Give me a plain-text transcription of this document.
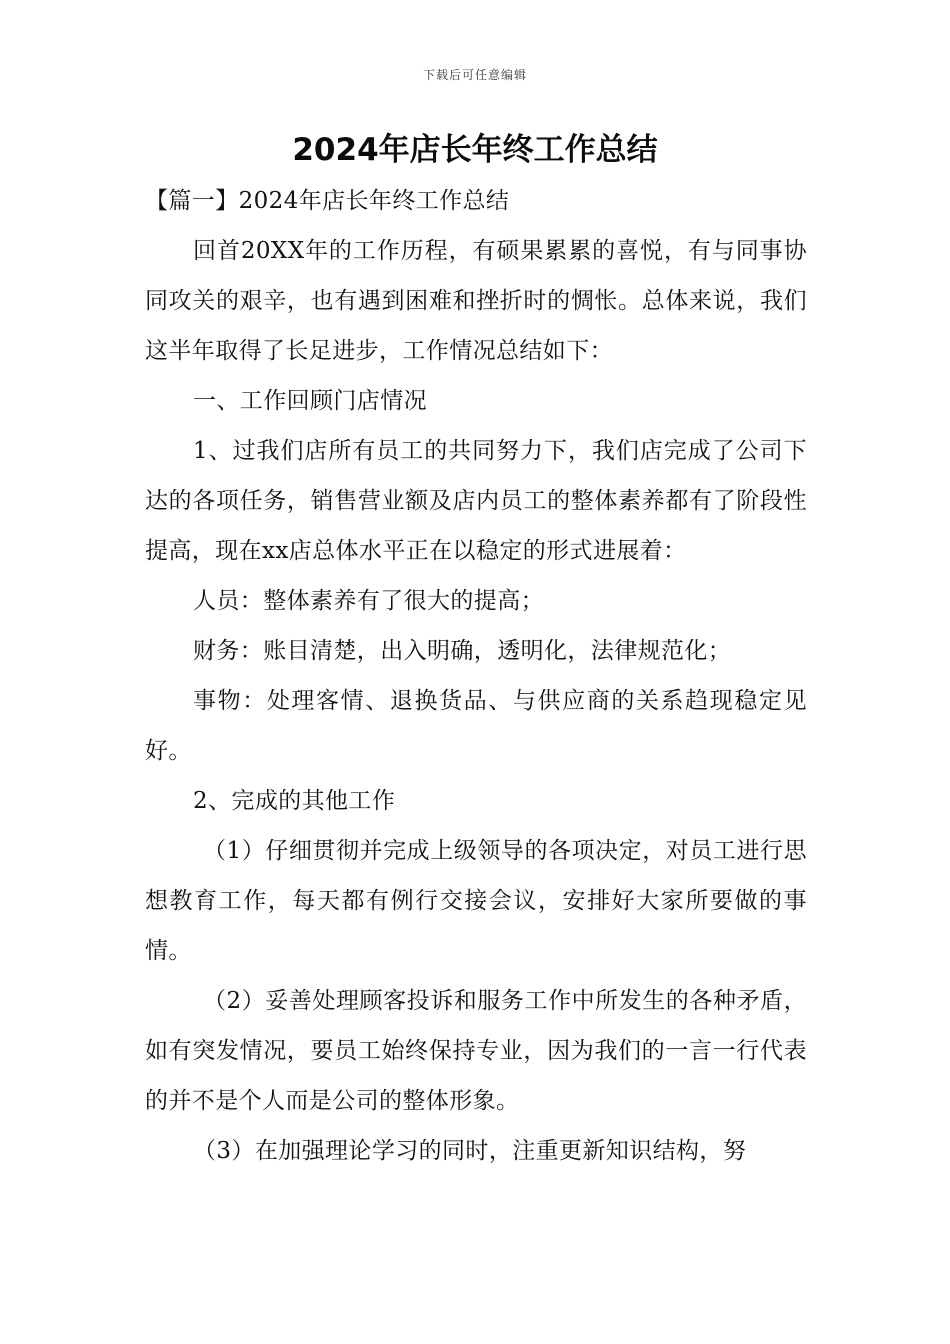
下载后可任意编辑
2024年店长年终工作总结

【篇一】2024年店长年终工作总结

回首20XX年的工作历程，有硕果累累的喜悦，有与同事协同攻关的艰辛，也有遇到困难和挫折时的惆怅。总体来说，我们这半年取得了长足进步，工作情况总结如下：

一、工作回顾门店情况

1、过我们店所有员工的共同努力下，我们店完成了公司下达的各项任务，销售营业额及店内员工的整体素养都有了阶段性提高，现在xx店总体水平正在以稳定的形式进展着：

人员：整体素养有了很大的提高；

财务：账目清楚，出入明确，透明化，法律规范化；

事物：处理客情、退换货品、与供应商的关系趋现稳定见好。

2、完成的其他工作

（1）仔细贯彻并完成上级领导的各项决定，对员工进行思想教育工作，每天都有例行交接会议，安排好大家所要做的事情。

（2）妥善处理顾客投诉和服务工作中所发生的各种矛盾，如有突发情况，要员工始终保持专业，因为我们的一言一行代表的并不是个人而是公司的整体形象。

（3）在加强理论学习的同时，注重更新知识结构，努
